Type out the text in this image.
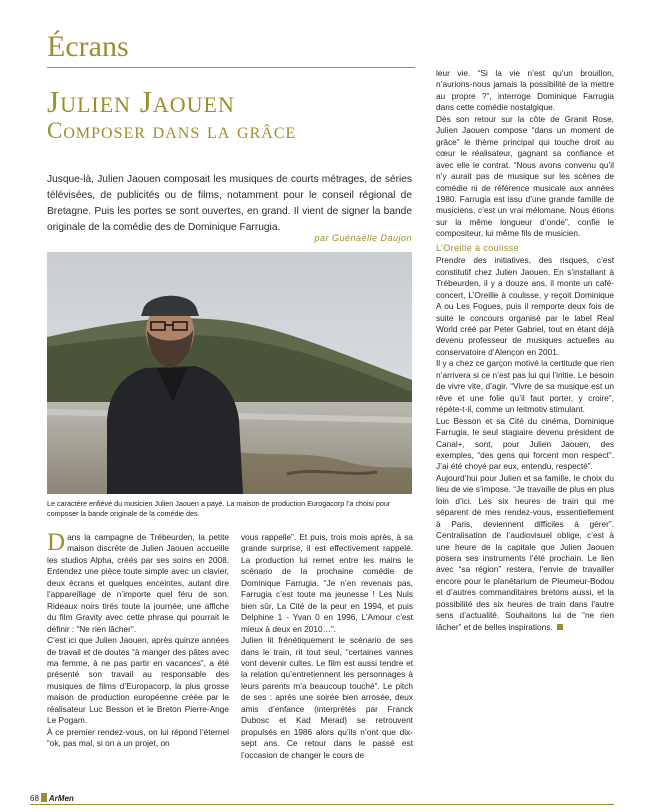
Écrans
Julien Jaouen
Composer dans la grâce
Jusque-là, Julien Jaouen composait les musiques de courts métrages, de séries télévisées, de publicités ou de films, notamment pour le conseil régional de Bretagne. Puis les portes se sont ouvertes, en grand. Il vient de signer la bande originale de la comédie des de Dominique Farrugia.
par Guénaëlle Daujon
Le caractère enfiévé du musicien Julien Jaouen a payé. La maison de production Eurogacorp l’a choisi pour composer la bande originale de la comédie des.

Dans la campagne de Trébeurden, la petite maison discrète de Julien Jaouen accueille les studios Alpha, créés par ses soins en 2008. Entendez une pièce toute simple avec un clavier, deux écrans et quelques enceintes, autant dire l’appareillage de n’importe quel féru de son. Rideaux noirs tirés toute la journée, une affiche du film Gravity avec cette phrase qui pourrait le définir : “Ne rien lâcher”.

C’est ici que Julien Jaouen, après quinze années de travail et de doutes “à manger des pâtes avec ma femme, à ne pas partir en vacances”, a été présenté son travail au responsable des musiques de films d’Europacorp, la plus grosse maison de production européenne créée par le réalisateur Luc Besson et le Breton Pierre-Ange Le Pogam.

À ce premier rendez-vous, on lui répond l’éternel “ok, pas mal, si on a un projet, on

vous rappelle”. Et puis, trois mois après, à sa grande surprise, il est effectivement rappelé. La production lui remet entre les mains le scénario de la prochaine comédie de Dominique Farrugia. “Je n’en revenais pas, Farrugia c’est toute ma jeunesse ! Les Nuls bien sûr, La Cité de la peur en 1994, et puis Delphine 1 - Yvan 0 en 1996, L’Amour c’est mieux à deux en 2010…”.

Julien lit frénétiquement le scénario de ses dans le train, rit tout seul, “certaines vannes vont devenir cultes. Le film est aussi tendre et la relation qu’entretiennent les personnages à leurs parents m’a beaucoup touché”. Le pitch de ses : après une soirée bien arrosée, deux amis d’enfance (interprétés par Franck Dubosc et Kad Merad) se retrouvent propulsés en 1986 alors qu’ils n’ont que dix-sept ans. Ce retour dans le passé est l’occasion de changer le cours de

leur vie. “Si la vie n’est qu’un brouillon, n’aurions-nous jamais la possibilité de la mettre au propre ?”, interroge Dominique Farrugia dans cette comédie nostalgique.

Dès son retour sur la côte de Granit Rose, Julien Jaouen compose “dans un moment de grâce” le thème principal qui touche droit au cœur le réalisateur, gagnant sa confiance et avec elle le contrat. “Nous avons convenu qu’il n’y aurait pas de musique sur les scènes de comédie ni de référence musicale aux années 1980. Farrugia est issu d’une grande famille de musiciens, c’est un vrai mélomane. Nous étions sur la même longueur d’onde”, confie le compositeur, lui même fils de musicien.

L’Oreille à coulisse

Prendre des initiatives, des risques, c’est constitutif chez Julien Jaouen. En s’installant à Trébeurden, il y a douze ans, il monte un café-concert, L’Oreille à coulisse, y reçoit Dominique A ou Les Fogues, puis il remporte deux fois de suite le concours organisé par le label Real World créé par Peter Gabriel, tout en étant déjà devenu professeur de musiques actuelles au conservatoire d’Alençon en 2001.

Il y a chez ce garçon motivé la certitude que rien n’arrivera si ce n’est pas lui qui l’initie. Le besoin de vivre vite, d’agir. “Vivre de sa musique est un rêve et une folie qu’il faut porter, y croire”, répète-t-il, comme un leitmotiv stimulant.

Luc Besson et sa Cité du cinéma, Dominique Farrugia, le seul stagiaire devenu président de Canal+, sont, pour Julien Jaouen, des exemples, “des gens qui forcent mon respect”. J’ai été choyé par eux, entendu, respecté”.

Aujourd’hui pour Julien et sa famille, le choix du lieu de vie s’impose. “Je travaille de plus en plus loin d’ici. Les six heures de train qui me séparent de mes rendez-vous, essentiellement à Paris, deviennent difficiles à gérer”. Centralisation de l’audiovisuel oblige, c’est à une heure de la capitale que Julien Jaouen posera ses instruments l’été prochain. Le lien avec “sa région” restera, l’envie de travailler encore pour le planétarium de Pleumeur-Bodou et d’autres commanditaires bretons aussi, et la possibilité des six heures de train dans l’autre sens d’actualité. Souhaitons lui de “ne rien lâcher” et de belles inspirations.

68 ArMen
